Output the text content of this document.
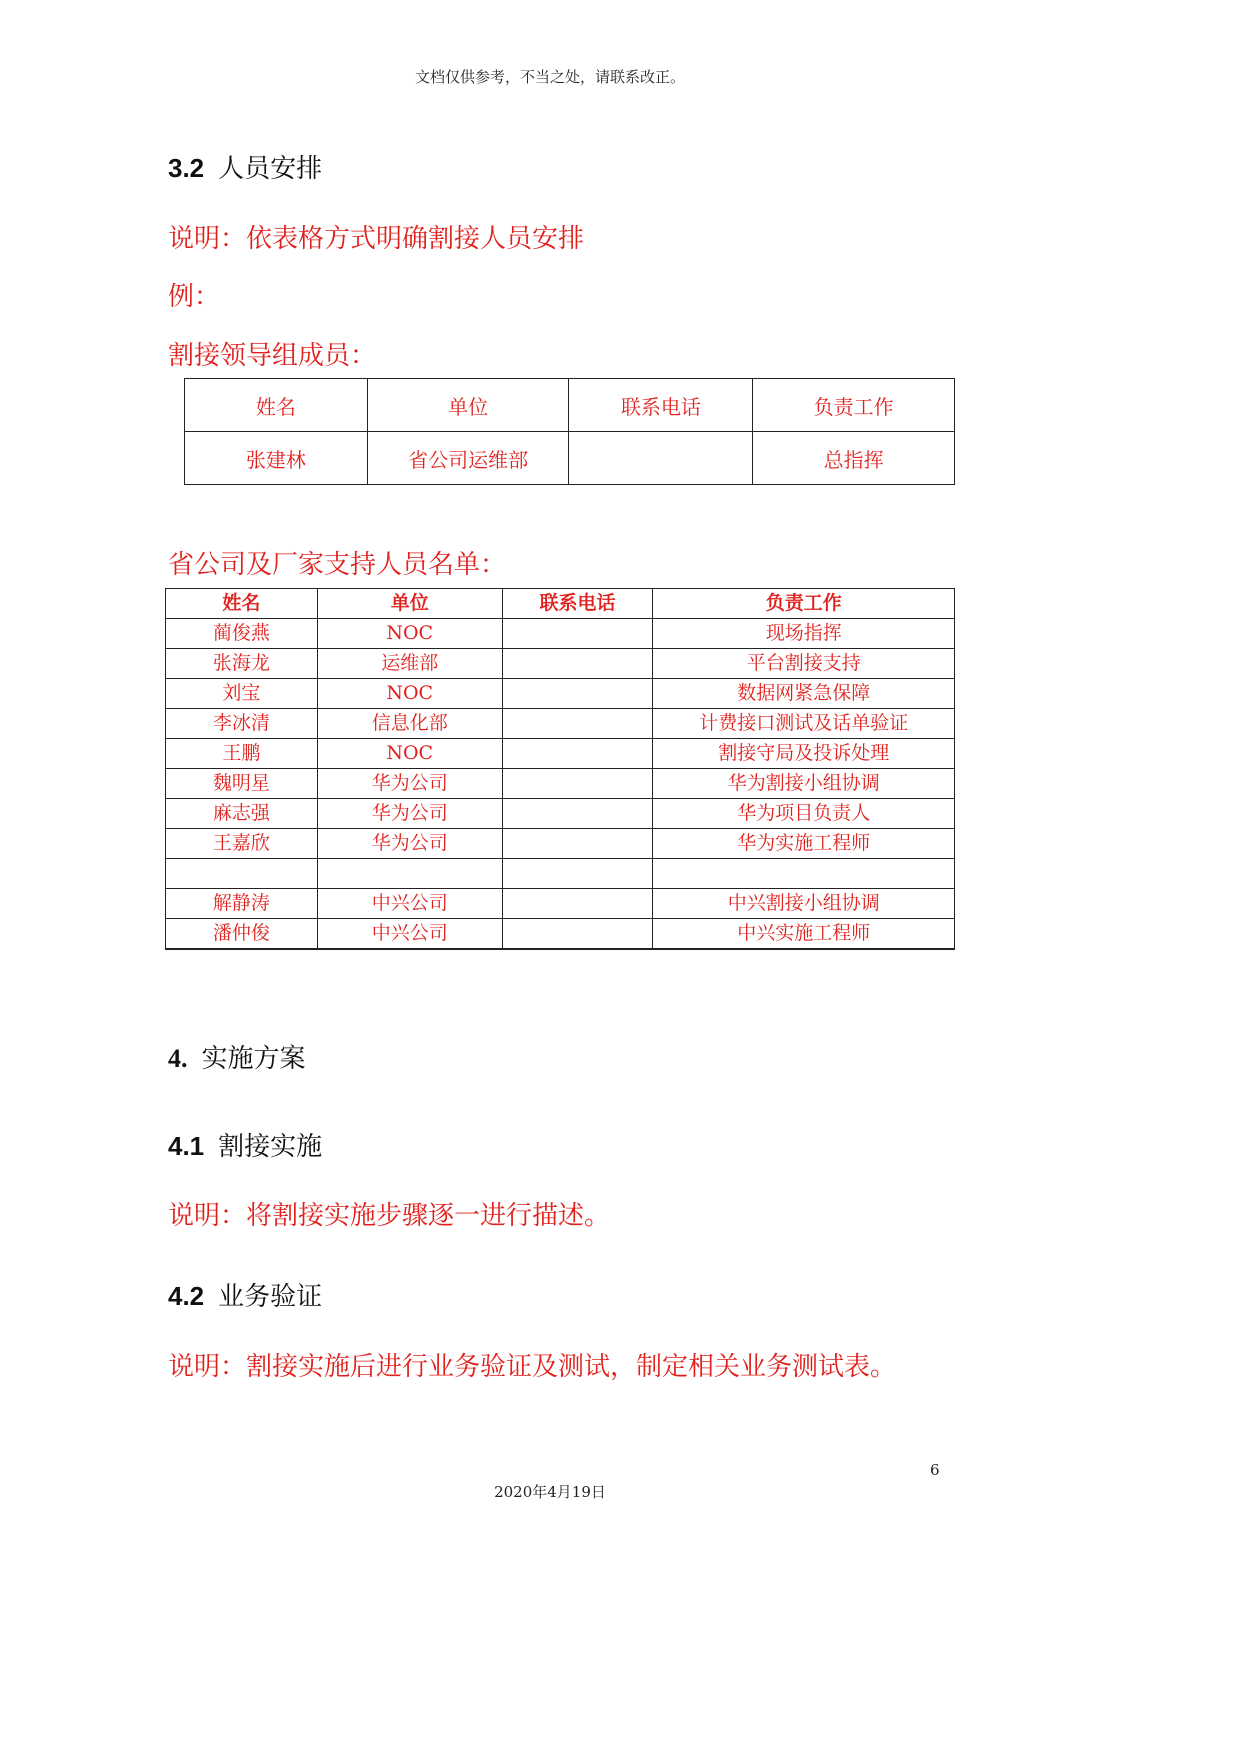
文档仅供参考，不当之处，请联系改正。
3.2 人员安排
说明：依表格方式明确割接人员安排
例：
割接领导组成员：
姓名	单位	联系电话	负责工作
张建林	省公司运维部		总指挥
省公司及厂家支持人员名单：
姓名	单位	联系电话	负责工作
蔺俊燕	NOC		现场指挥
张海龙	运维部		平台割接支持
刘宝	NOC		数据网紧急保障
李冰清	信息化部		计费接口测试及话单验证
王鹏	NOC		割接守局及投诉处理
魏明星	华为公司		华为割接小组协调
麻志强	华为公司		华为项目负责人
王嘉欣	华为公司		华为实施工程师

解静涛	中兴公司		中兴割接小组协调
潘仲俊	中兴公司		中兴实施工程师
4. 实施方案
4.1 割接实施
说明：将割接实施步骤逐一进行描述。
4.2 业务验证
说明：割接实施后进行业务验证及测试，制定相关业务测试表。
6
2020年4月19日
